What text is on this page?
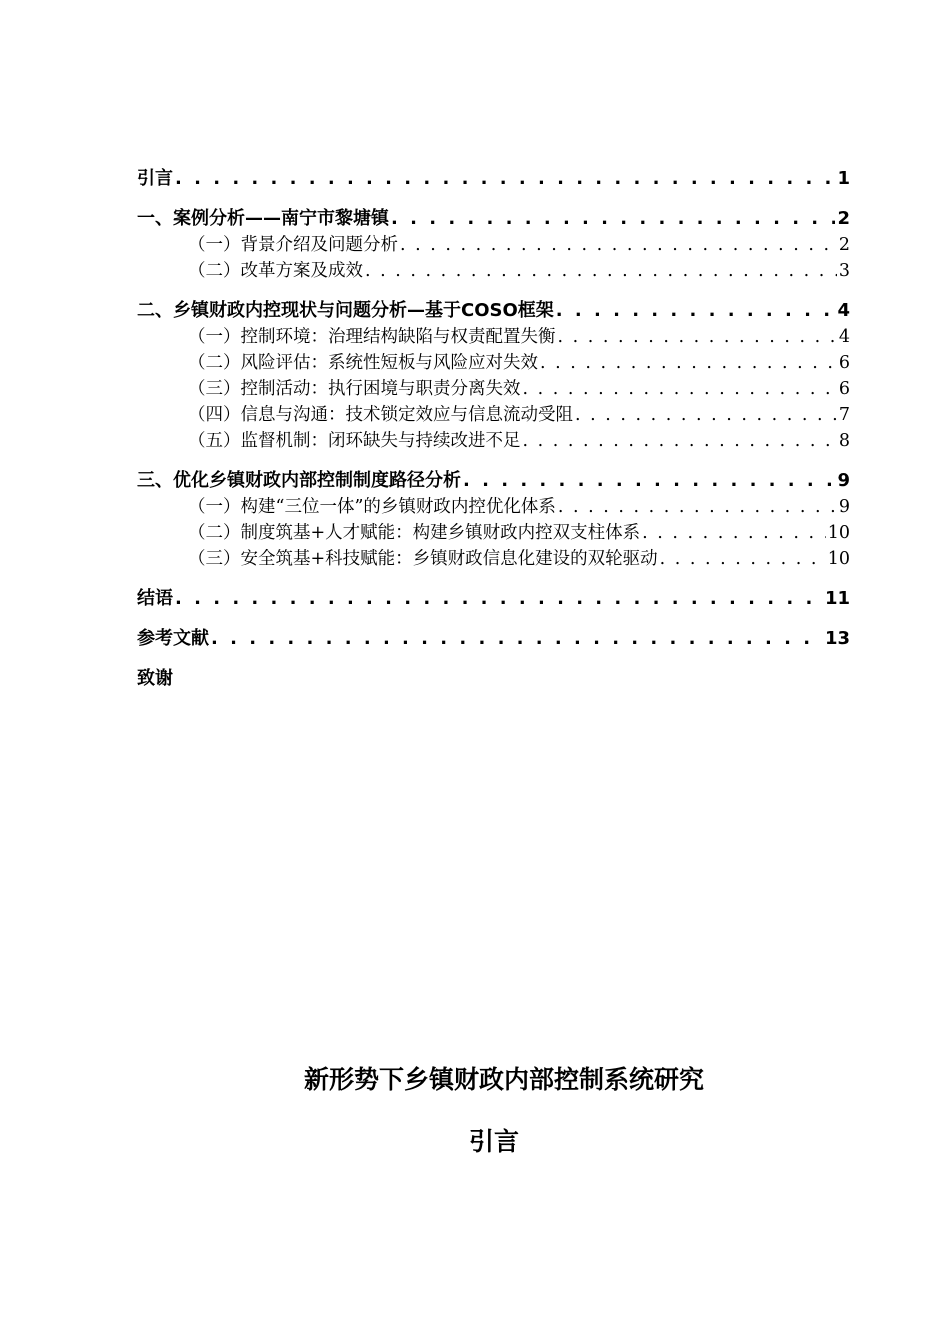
引言 . . .	1
一、案例分析——南宁市黎塘镇 . . .	2
（一）背景介绍及问题分析 . . .	2
（二）改革方案及成效 . . .	3
二、乡镇财政内控现状与问题分析—基于COSO框架 . . .	4
（一）控制环境：治理结构缺陷与权责配置失衡 . . .	4
（二）风险评估：系统性短板与风险应对失效 . . .	6
（三）控制活动：执行困境与职责分离失效 . . .	6
（四）信息与沟通：技术锁定效应与信息流动受阻 . . .	7
（五）监督机制：闭环缺失与持续改进不足 . . .	8
三、优化乡镇财政内部控制制度路径分析 . . .	9
（一）构建“三位一体”的乡镇财政内控优化体系 . . .	9
（二）制度筑基+人才赋能：构建乡镇财政内控双支柱体系 . . .	10
（三）安全筑基+科技赋能：乡镇财政信息化建设的双轮驱动 . . .	10
结语 . . .	11
参考文献 . . .	13
致谢
新形势下乡镇财政内部控制系统研究
引言
